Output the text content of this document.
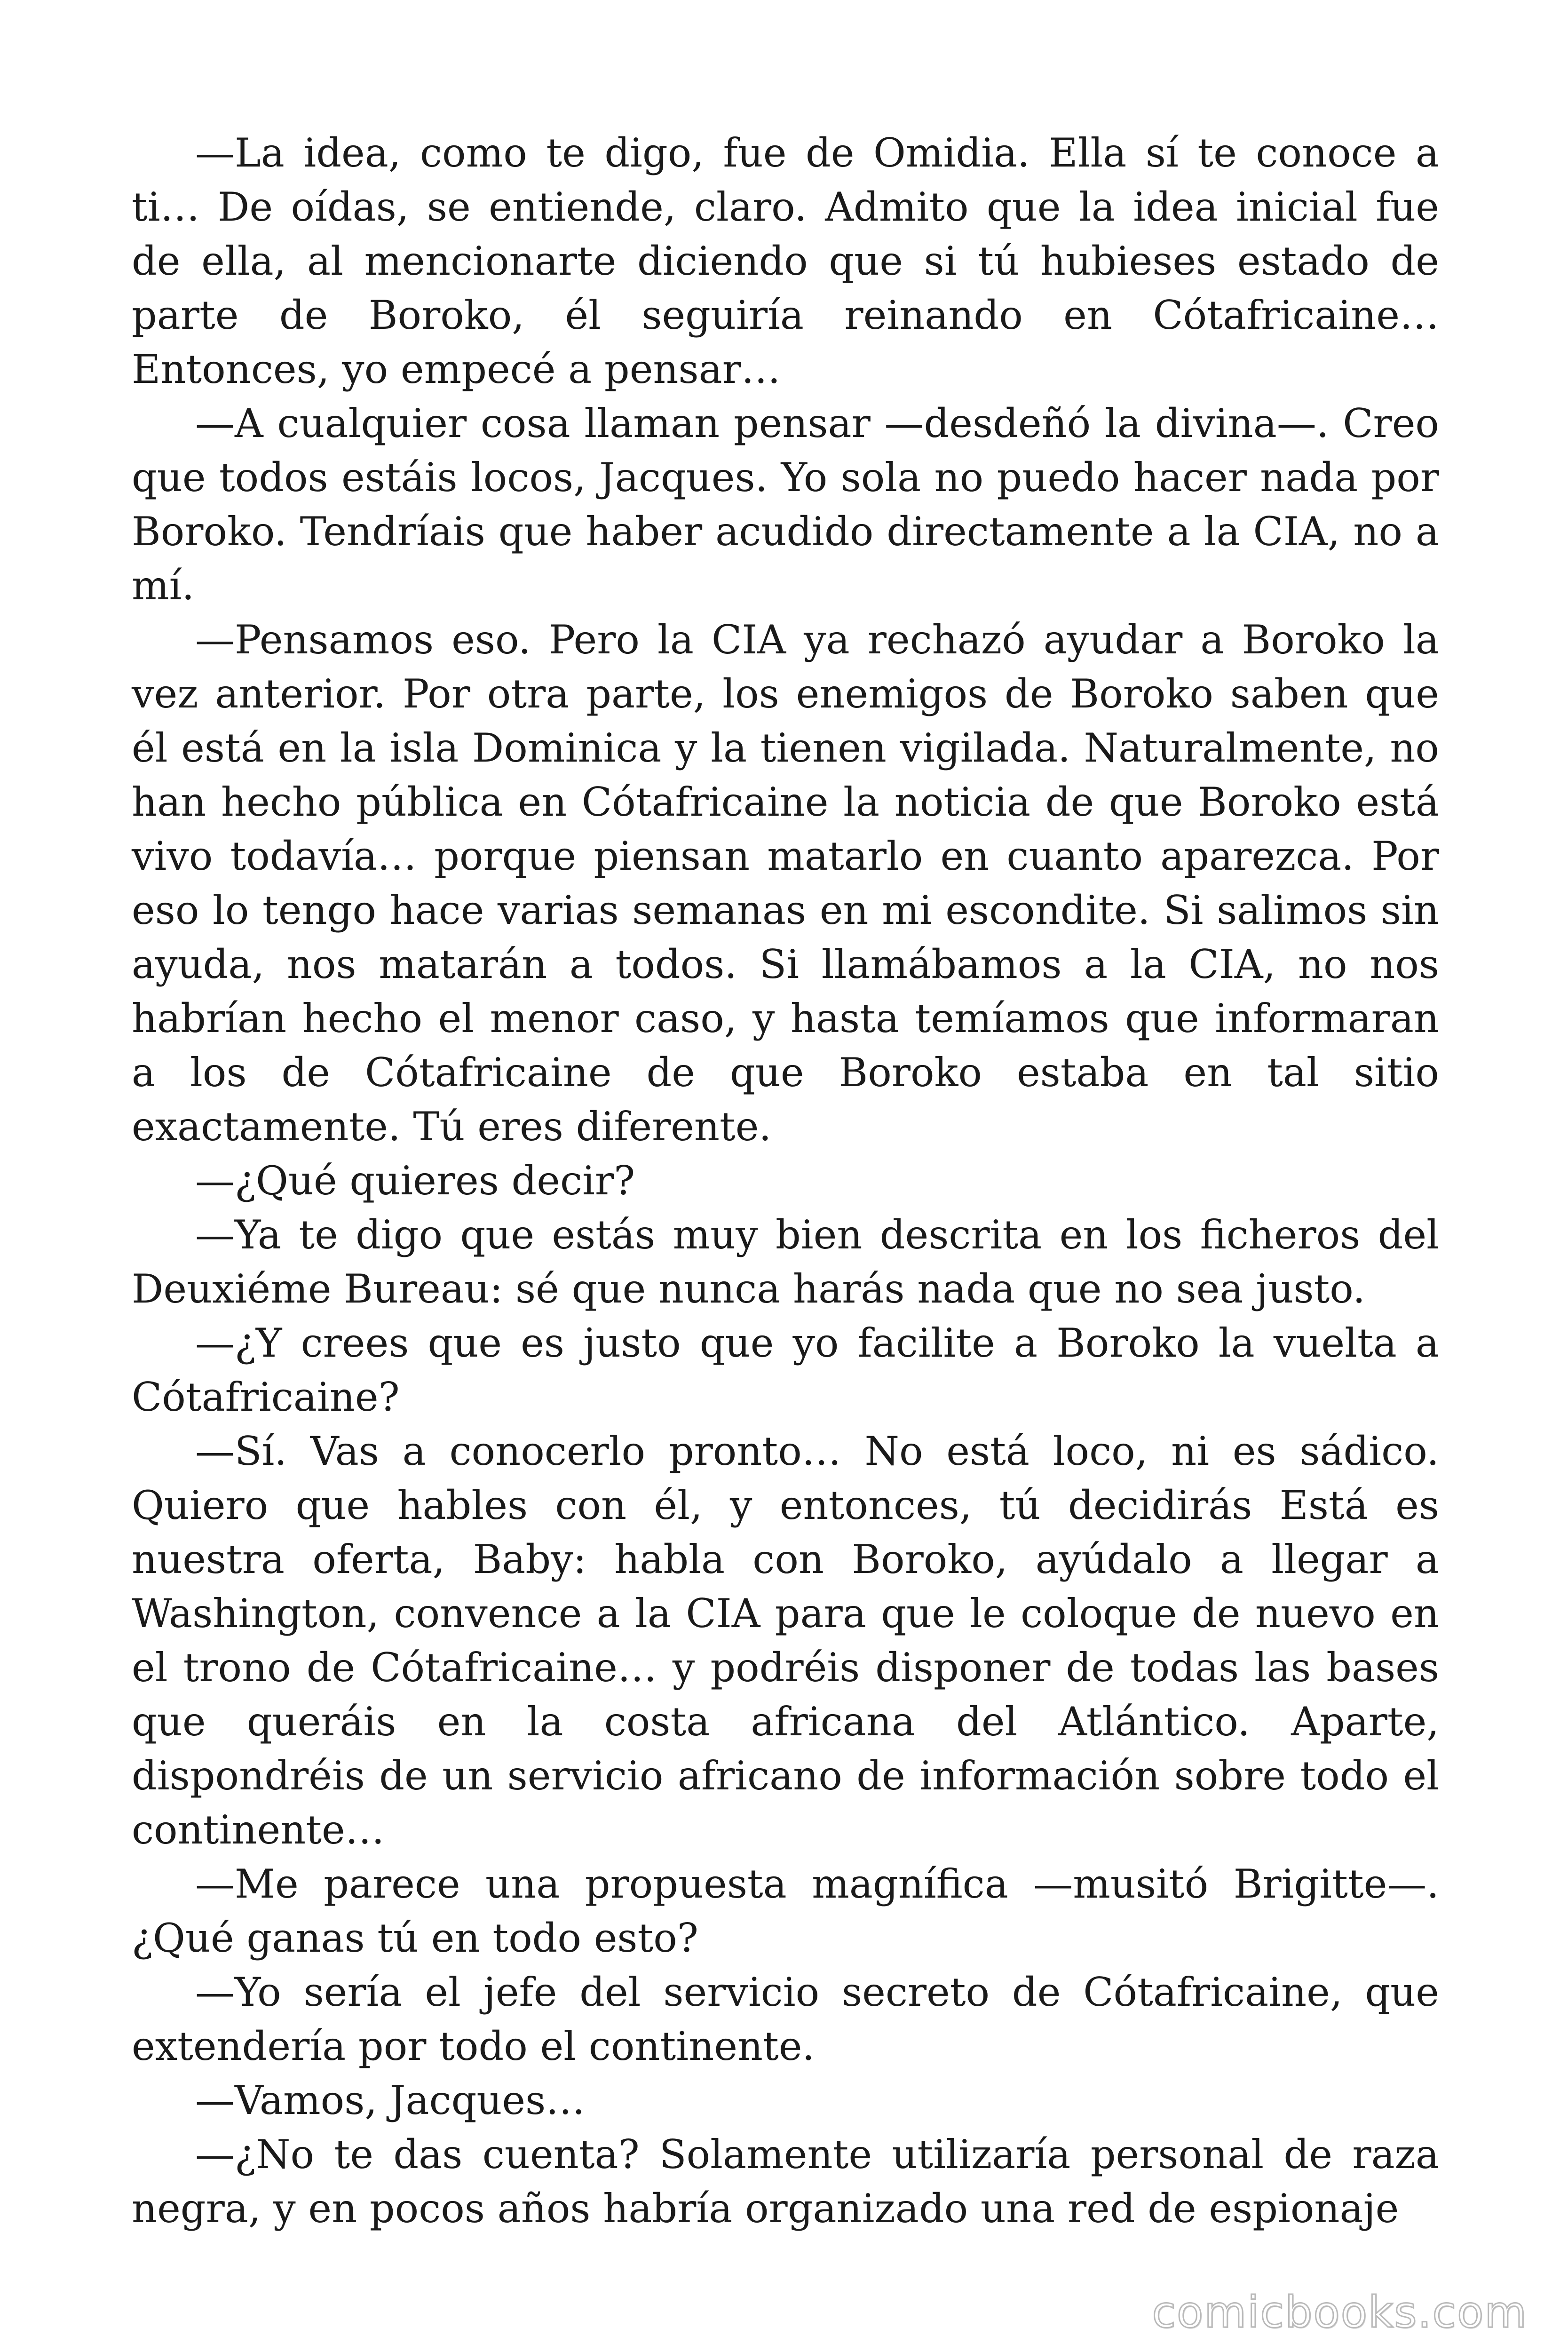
—La idea, como te digo, fue de Omidia. Ella sí te conoce a ti… De oídas, se entiende, claro. Admito que la idea inicial fue de ella, al mencionarte diciendo que si tú hubieses estado de parte de Boroko, él seguiría reinando en Cótafricaine… Entonces, yo empecé a pensar…

—A cualquier cosa llaman pensar —desdeñó la divina—. Creo que todos estáis locos, Jacques. Yo sola no puedo hacer nada por Boroko. Tendríais que haber acudido directamente a la CIA, no a mí.

—Pensamos eso. Pero la CIA ya rechazó ayudar a Boroko la vez anterior. Por otra parte, los enemigos de Boroko saben que él está en la isla Dominica y la tienen vigilada. Naturalmente, no han hecho pública en Cótafricaine la noticia de que Boroko está vivo todavía… porque piensan matarlo en cuanto aparezca. Por eso lo tengo hace varias semanas en mi escondite. Si salimos sin ayuda, nos matarán a todos. Si llamábamos a la CIA, no nos habrían hecho el menor caso, y hasta temíamos que informaran a los de Cótafricaine de que Boroko estaba en tal sitio exactamente. Tú eres diferente.

—¿Qué quieres decir?

—Ya te digo que estás muy bien descrita en los ficheros del Deuxiéme Bureau: sé que nunca harás nada que no sea justo.

—¿Y crees que es justo que yo facilite a Boroko la vuelta a Cótafricaine?

—Sí. Vas a conocerlo pronto… No está loco, ni es sádico. Quiero que hables con él, y entonces, tú decidirás Está es nuestra oferta, Baby: habla con Boroko, ayúdalo a llegar a Washington, convence a la CIA para que le coloque de nuevo en el trono de Cótafricaine… y podréis disponer de todas las bases que queráis en la costa africana del Atlántico. Aparte, dispondréis de un servicio africano de información sobre todo el continente…

—Me parece una propuesta magnífica —musitó Brigitte—. ¿Qué ganas tú en todo esto?

—Yo sería el jefe del servicio secreto de Cótafricaine, que extendería por todo el continente.

—Vamos, Jacques…

—¿No te das cuenta? Solamente utilizaría personal de raza negra, y en pocos años habría organizado una red de espionaje

comicbooks.com
